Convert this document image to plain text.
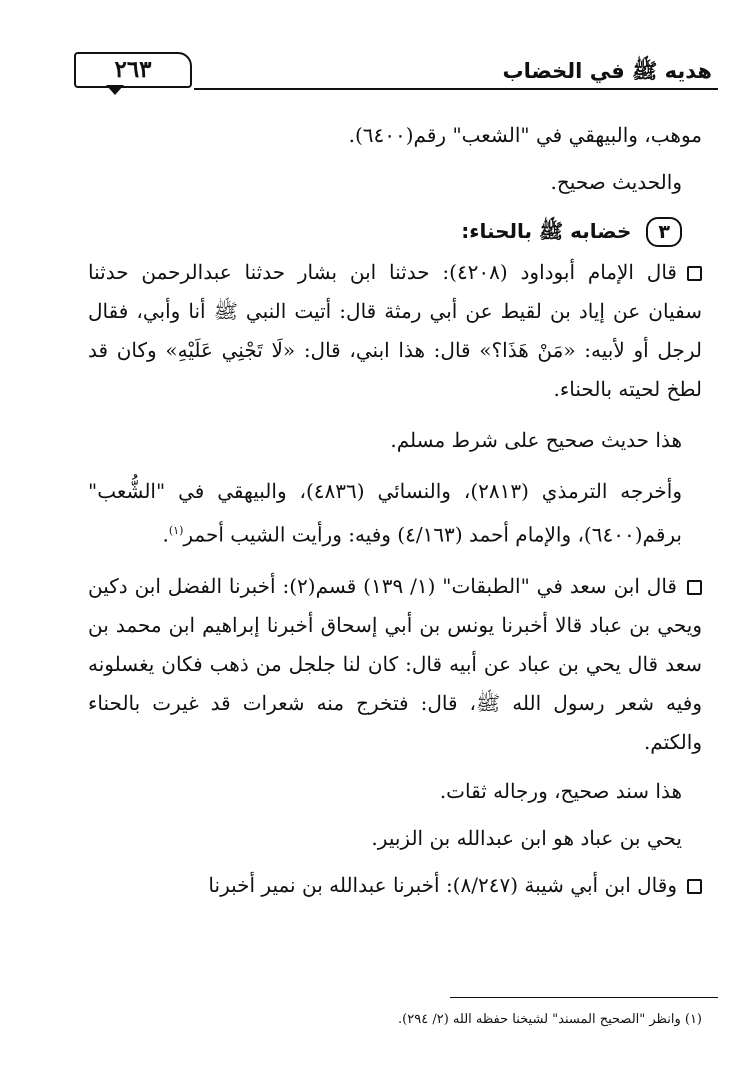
٢٦٣	هديه ﷺ في الخضاب

موهب، والبيهقي في "الشعب" رقم(٦٤٠٠).

والحديث صحيح.

٣ خضابه ﷺ بالحناء:

قال الإمام أبوداود (٤٢٠٨): حدثنا ابن بشار حدثنا عبدالرحمن حدثنا سفيان عن إياد بن لقيط عن أبي رمثة قال: أتيت النبي ﷺ أنا وأبي، فقال لرجل أو لأبيه: «مَنْ هَذَا؟» قال: هذا ابني، قال: «لَا تَجْنِي عَلَيْهِ» وكان قد لطخ لحيته بالحناء.

هذا حديث صحيح على شرط مسلم.

وأخرجه الترمذي (٢٨١٣)، والنسائي (٤٨٣٦)، والبيهقي في "الشُّعب" برقم(٦٤٠٠)، والإمام أحمد (٤/١٦٣) وفيه: ورأيت الشيب أحمر$^{(١)}$.

قال ابن سعد في "الطبقات" (١/ ١٣٩) قسم(٢): أخبرنا الفضل ابن دكين ويحي بن عباد قالا أخبرنا يونس بن أبي إسحاق أخبرنا إبراهيم ابن محمد بن سعد قال يحي بن عباد عن أبيه قال: كان لنا جلجل من ذهب فكان يغسلونه وفيه شعر رسول الله ﷺ، قال: فتخرج منه شعرات قد غيرت بالحناء والكتم.

هذا سند صحيح، ورجاله ثقات.

يحي بن عباد هو ابن عبدالله بن الزبير.

وقال ابن أبي شيبة (٨/٢٤٧): أخبرنا عبدالله بن نمير أخبرنا

(١) وانظر "الصحيح المسند" لشيخنا حفظه الله (٢/ ٢٩٤).
